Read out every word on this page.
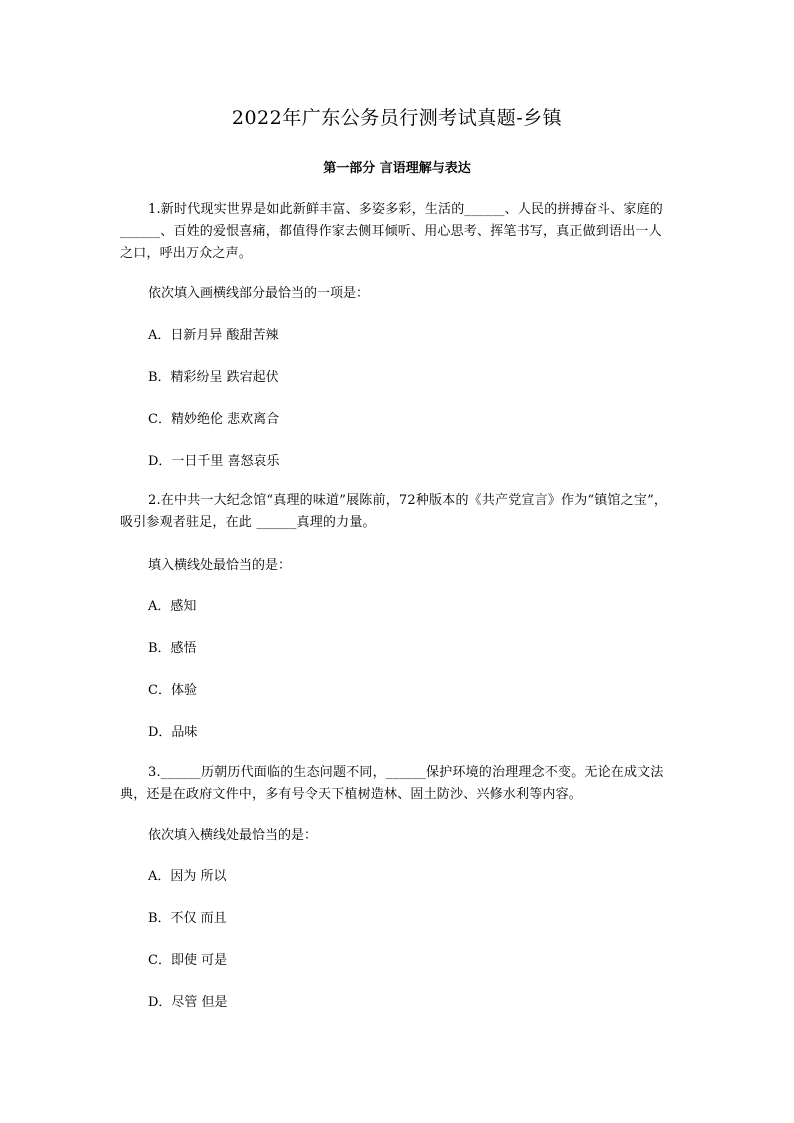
2022年广东公务员行测考试真题-乡镇
第一部分 言语理解与表达

1.新时代现实世界是如此新鲜丰富、多姿多彩，生活的______、人民的拼搏奋斗、家庭的______、百姓的爱恨喜痛，都值得作家去侧耳倾听、用心思考、挥笔书写，真正做到语出一人之口，呼出万众之声。

依次填入画横线部分最恰当的一项是：

A．日新月异 酸甜苦辣

B．精彩纷呈 跌宕起伏

C．精妙绝伦 悲欢离合

D．一日千里 喜怒哀乐

2.在中共一大纪念馆“真理的味道”展陈前，72种版本的《共产党宣言》作为“镇馆之宝”，吸引参观者驻足，在此 ______真理的力量。

填入横线处最恰当的是：

A．感知

B．感悟

C．体验

D．品味

3.______历朝历代面临的生态问题不同，______保护环境的治理理念不变。无论在成文法典，还是在政府文件中，多有号令天下植树造林、固土防沙、兴修水利等内容。

依次填入横线处最恰当的是：

A．因为 所以

B．不仅 而且

C．即使 可是

D．尽管 但是
